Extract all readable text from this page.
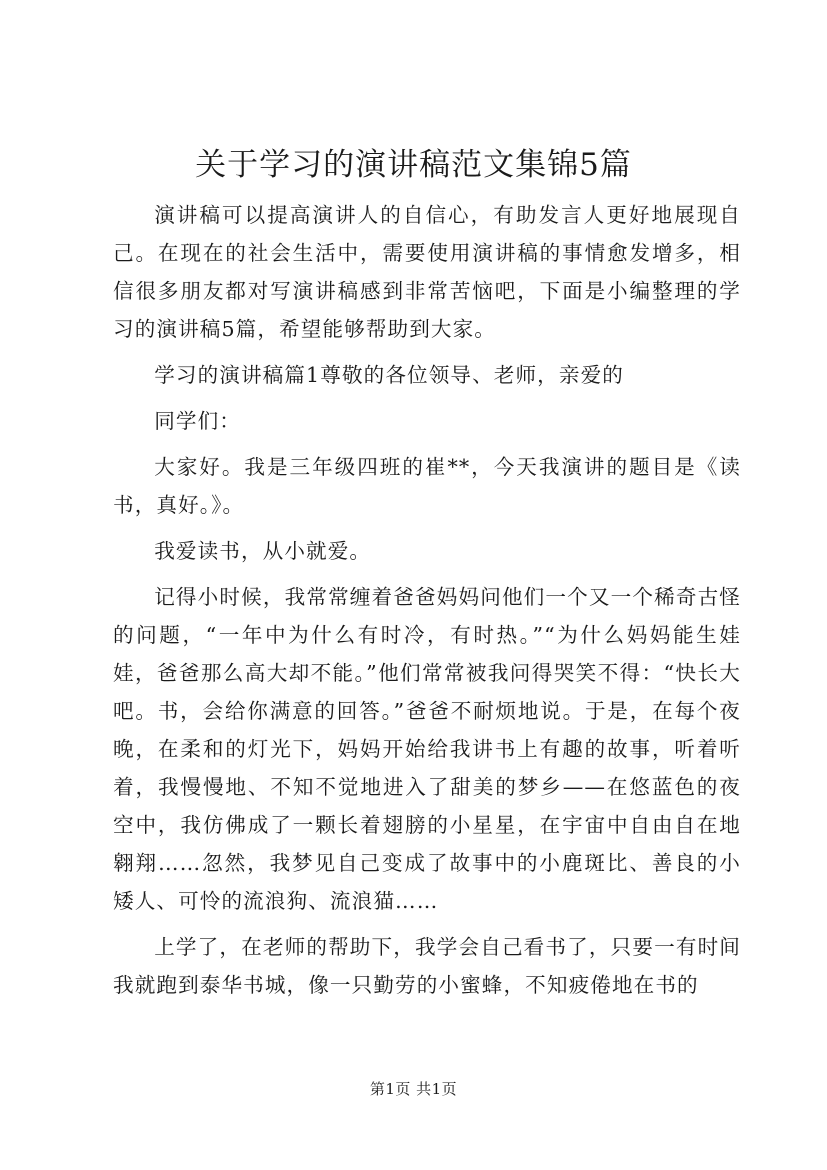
关于学习的演讲稿范文集锦5篇

演讲稿可以提高演讲人的自信心，有助发言人更好地展现自己。在现在的社会生活中，需要使用演讲稿的事情愈发增多，相信很多朋友都对写演讲稿感到非常苦恼吧，下面是小编整理的学习的演讲稿5篇，希望能够帮助到大家。

学习的演讲稿篇1尊敬的各位领导、老师，亲爱的

同学们：

大家好。我是三年级四班的崔**，今天我演讲的题目是《读书，真好。》。

我爱读书，从小就爱。

记得小时候，我常常缠着爸爸妈妈问他们一个又一个稀奇古怪的问题，“一年中为什么有时冷，有时热。”“为什么妈妈能生娃娃，爸爸那么高大却不能。”他们常常被我问得哭笑不得：“快长大吧。书，会给你满意的回答。”爸爸不耐烦地说。于是，在每个夜晚，在柔和的灯光下，妈妈开始给我讲书上有趣的故事，听着听着，我慢慢地、不知不觉地进入了甜美的梦乡——在悠蓝色的夜空中，我仿佛成了一颗长着翅膀的小星星，在宇宙中自由自在地翱翔……忽然，我梦见自己变成了故事中的小鹿斑比、善良的小矮人、可怜的流浪狗、流浪猫……

上学了，在老师的帮助下，我学会自己看书了，只要一有时间我就跑到泰华书城，像一只勤劳的小蜜蜂，不知疲倦地在书的

第1页 共1页
